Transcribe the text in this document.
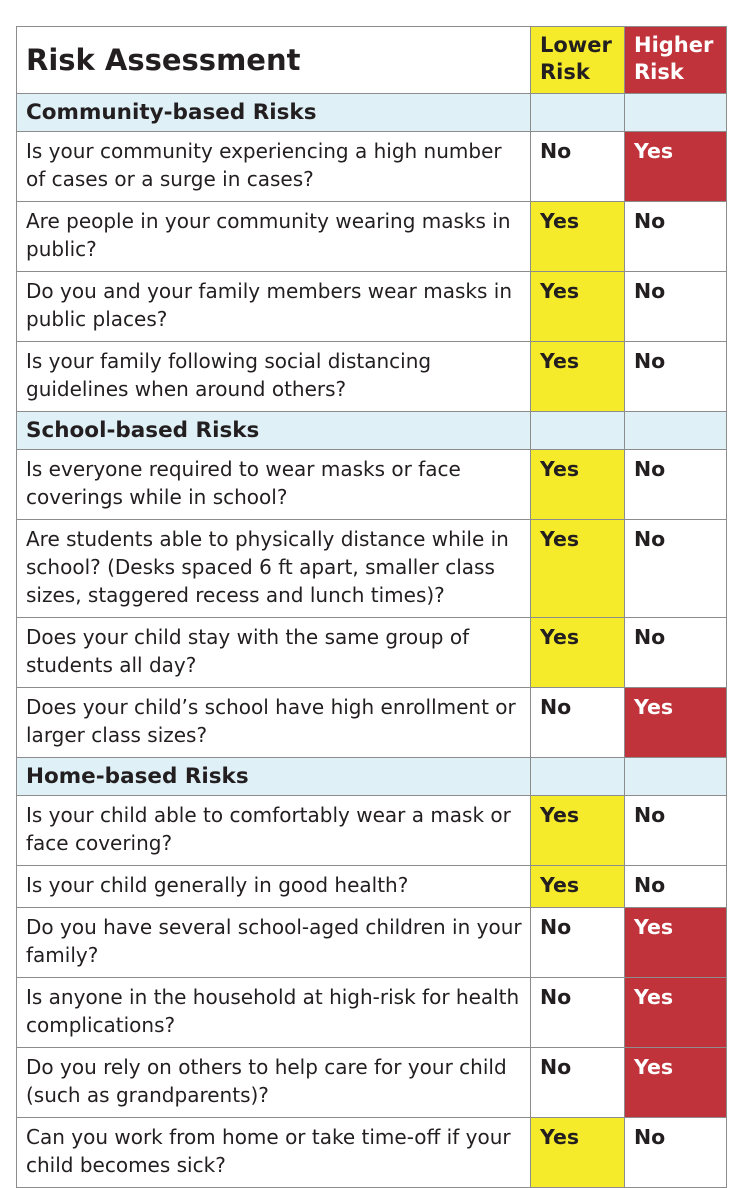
Risk Assessment	Lower Risk	Higher Risk
Community-based Risks		
Is your community experiencing a high number of cases or a surge in cases?	No	Yes
Are people in your community wearing masks in public?	Yes	No
Do you and your family members wear masks in public places?	Yes	No
Is your family following social distancing guidelines when around others?	Yes	No
School-based Risks		
Is everyone required to wear masks or face coverings while in school?	Yes	No
Are students able to physically distance while in school? (Desks spaced 6 ft apart, smaller class sizes, staggered recess and lunch times)?	Yes	No
Does your child stay with the same group of students all day?	Yes	No
Does your child’s school have high enrollment or larger class sizes?	No	Yes
Home-based Risks		
Is your child able to comfortably wear a mask or face covering?	Yes	No
Is your child generally in good health?	Yes	No
Do you have several school-aged children in your family?	No	Yes
Is anyone in the household at high-risk for health complications?	No	Yes
Do you rely on others to help care for your child (such as grandparents)?	No	Yes
Can you work from home or take time-off if your child becomes sick?	Yes	No
